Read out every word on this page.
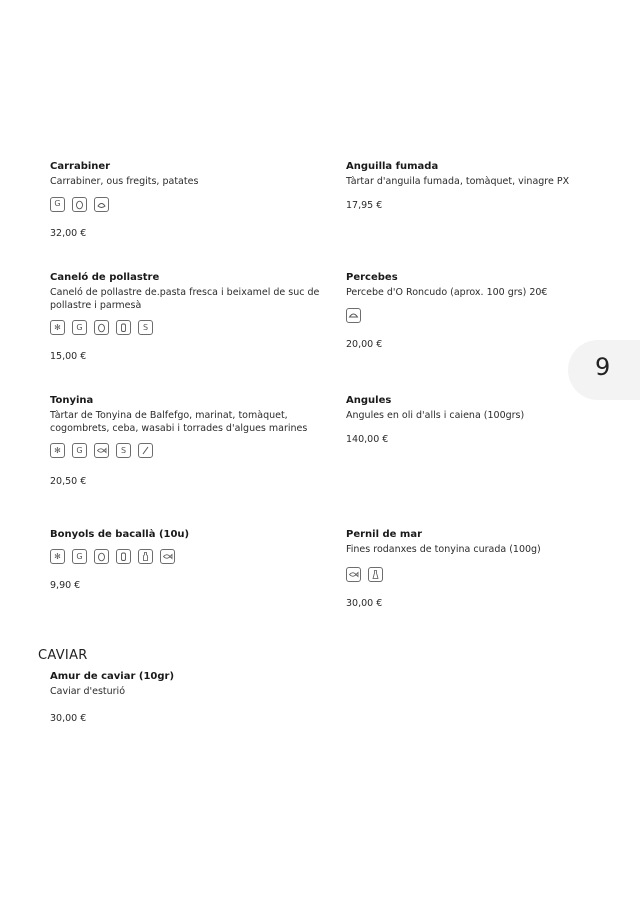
Carrabiner
Carrabiner, ous fregits, patates
G
32,00 €
Anguilla fumada
Tàrtar d'anguila fumada, tomàquet, vinagre PX
17,95 €
Caneló de pollastre
Caneló de pollastre de.pasta fresca i beixamel de suc de pollastre i parmesà
✻	G	S
15,00 €
Percebes
Percebe d'O Roncudo (aprox. 100 grs) 20€
20,00 €
Tonyina
Tàrtar de Tonyina de Balfefgo, marinat, tomàquet, cogombrets, ceba, wasabi i torrades d'algues marines
✻	G	S
20,50 €
Angules
Angules en oli d'alls i caiena (100grs)
140,00 €
Bonyols de bacallà (10u)
✻	G
9,90 €
Pernil de mar
Fines rodanxes de tonyina curada (100g)
30,00 €
CAVIAR
Amur de caviar (10gr)
Caviar d'esturió
30,00 €
9
